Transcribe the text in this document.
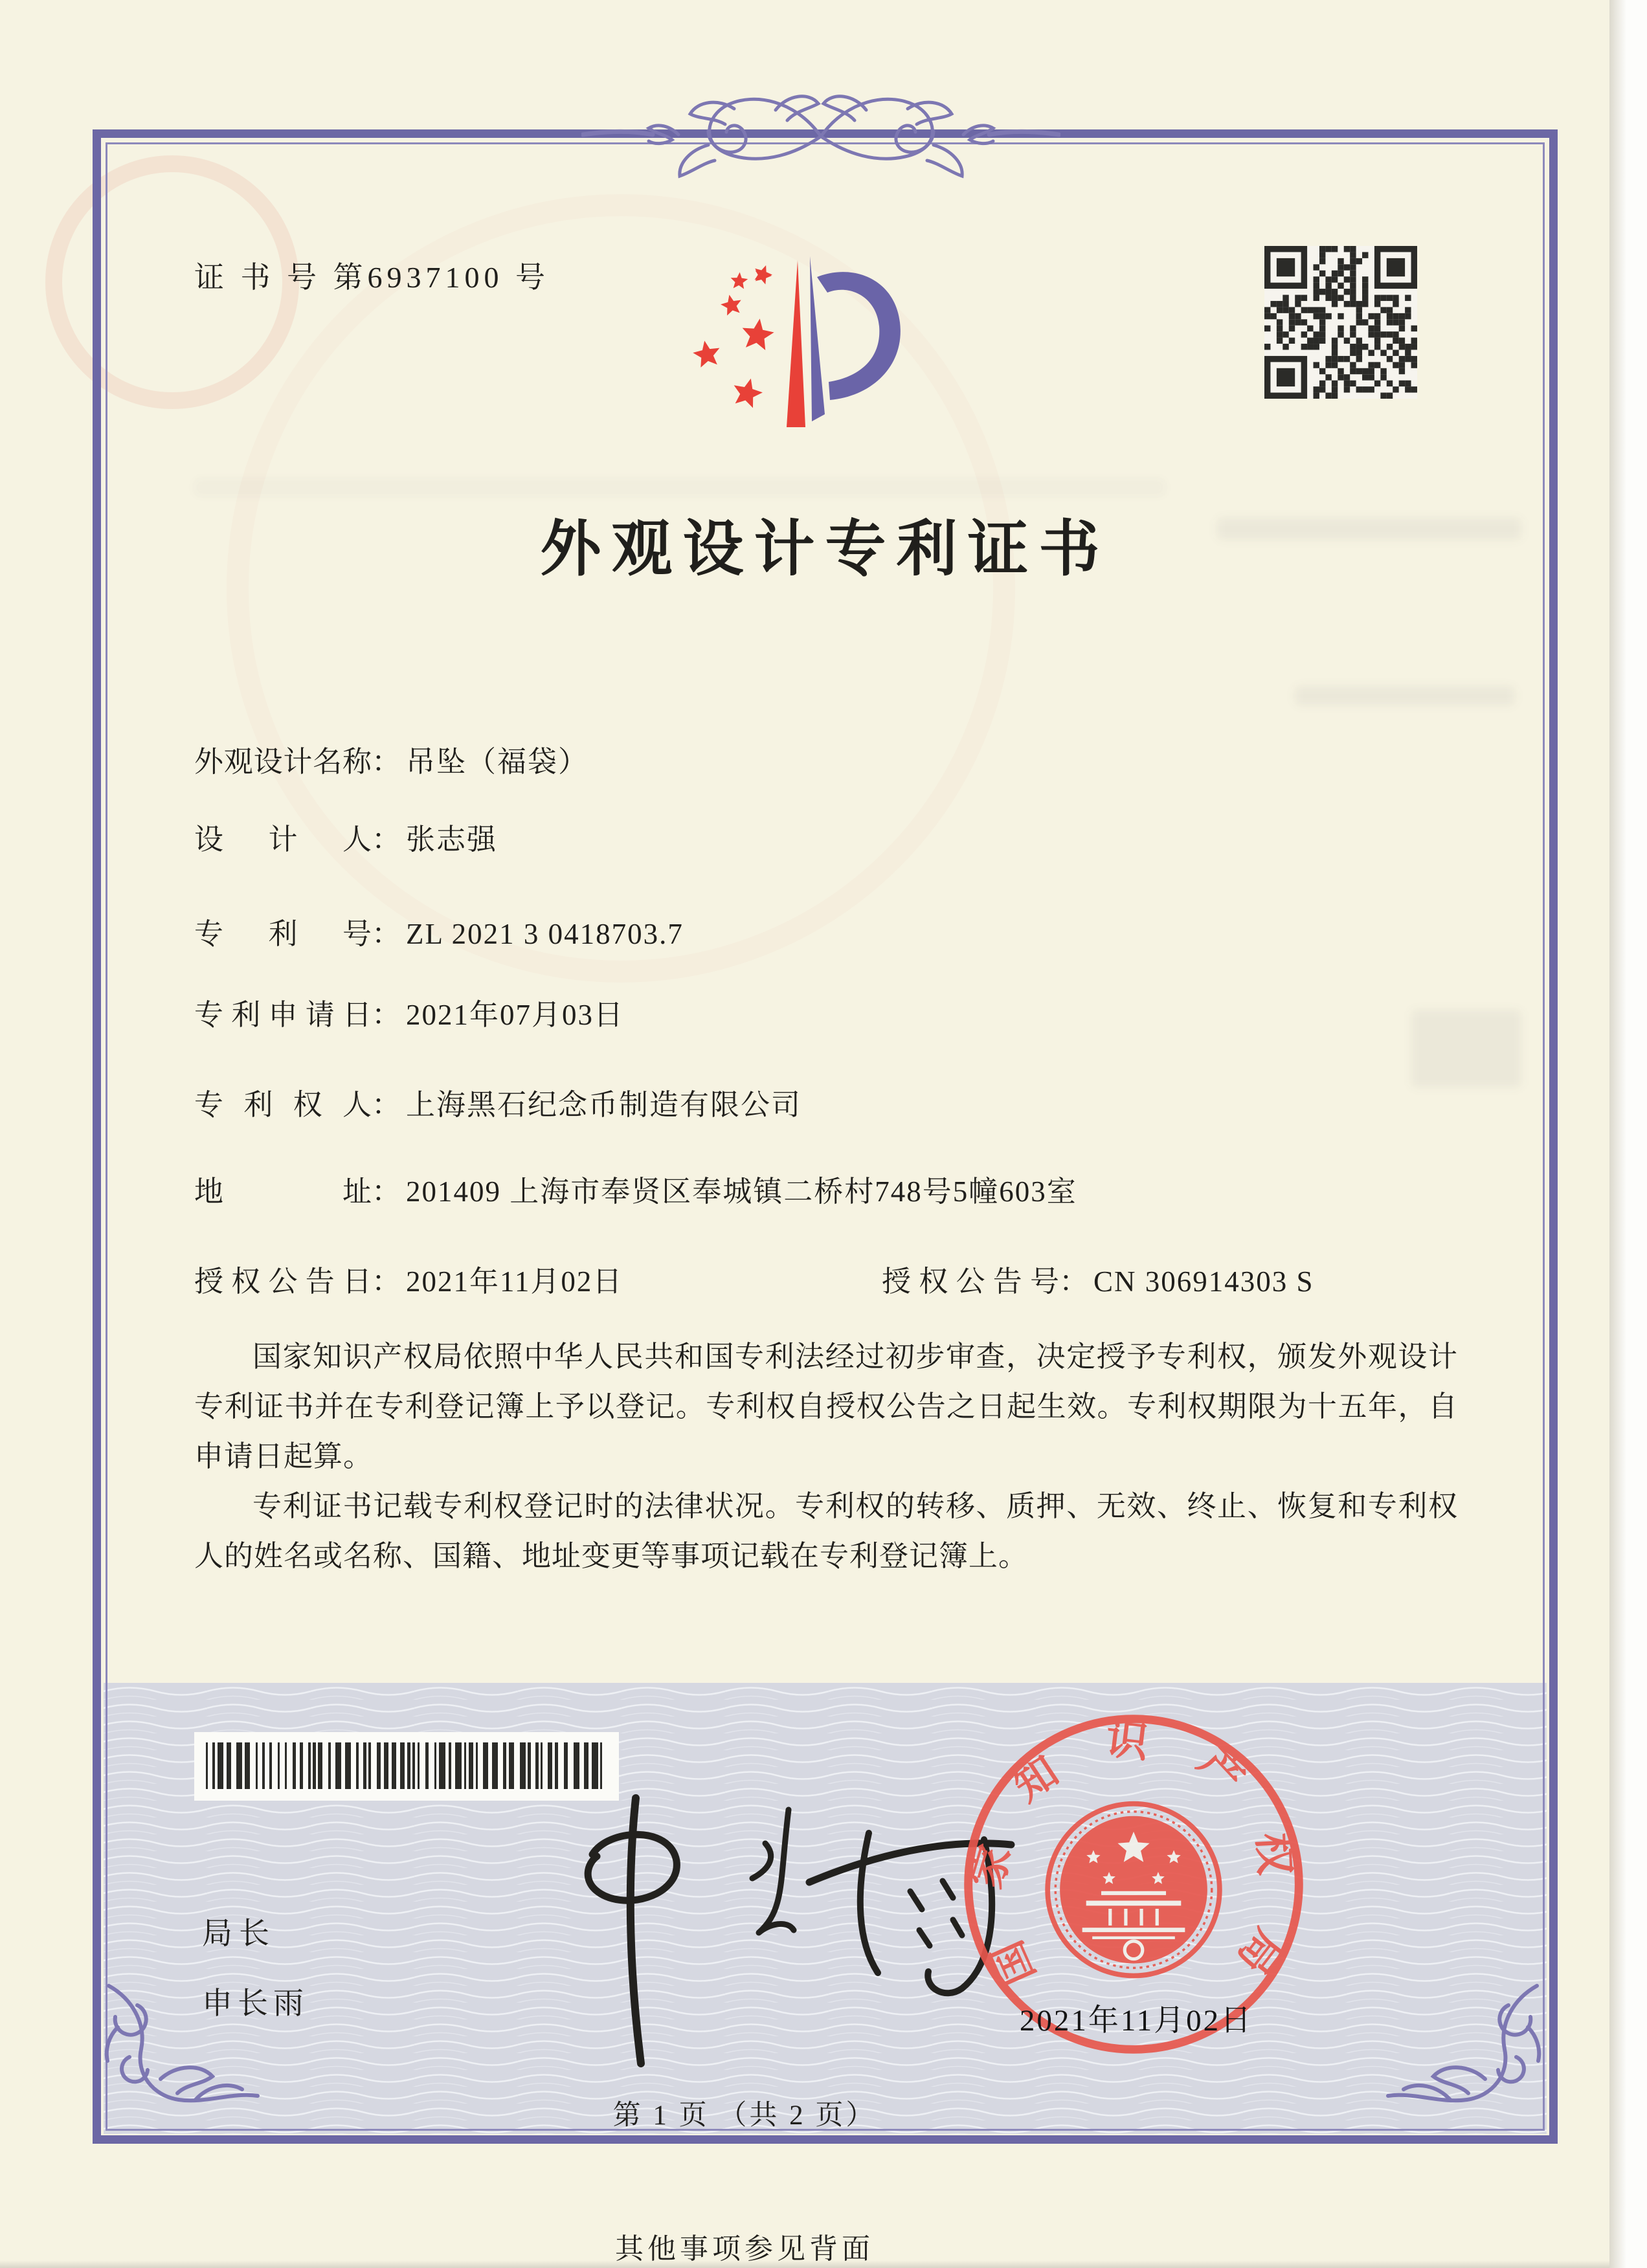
证 书 号 第6937100 号
外观设计专利证书
外观设计名称： 吊坠（福袋）
设计人： 张志强
专利号： ZL 2021 3 0418703.7
专利申请日： 2021年07月03日
专利权人： 上海黑石纪念币制造有限公司
地址： 201409 上海市奉贤区奉城镇二桥村748号5幢603室
授权公告日： 2021年11月02日	授权公告号： CN 306914303 S

国家知识产权局依照中华人民共和国专利法经过初步审查，决定授予专利权，颁发外观设计专利证书并在专利登记簿上予以登记。专利权自授权公告之日起生效。专利权期限为十五年，自申请日起算。

专利证书记载专利权登记时的法律状况。专利权的转移、质押、无效、终止、恢复和专利权人的姓名或名称、国籍、地址变更等事项记载在专利登记簿上。

局长
申长雨
国家知识产权局
2021年11月02日
第 1 页 （共 2 页）
其他事项参见背面
